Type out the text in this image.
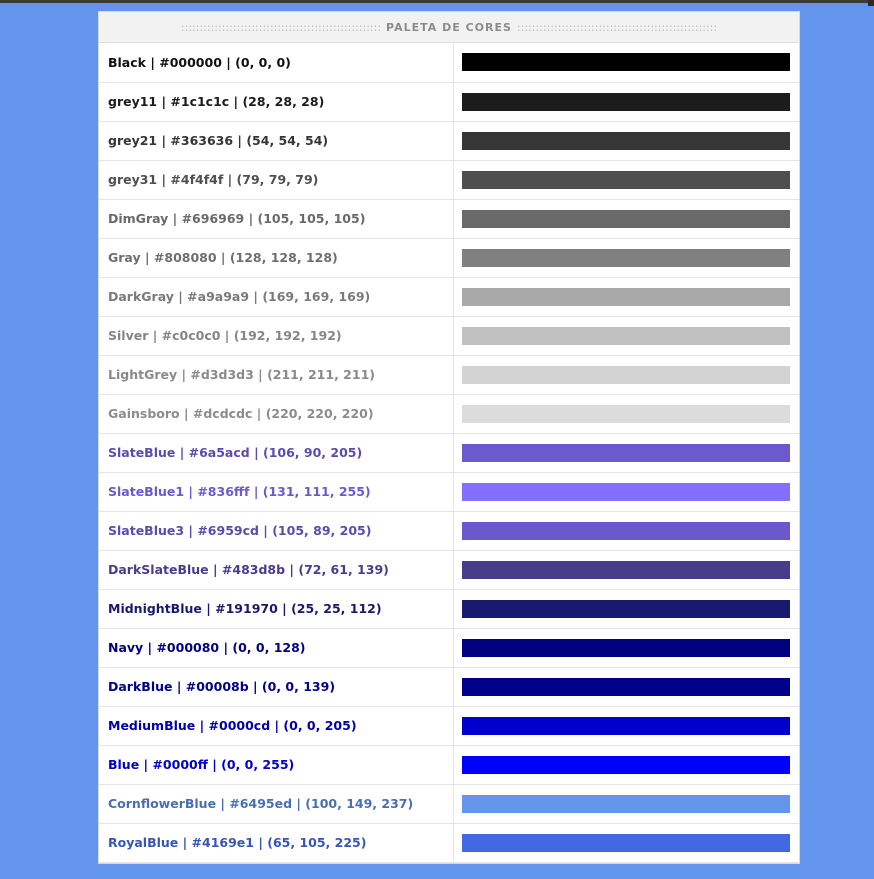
:::::::::::::::::::::::::::::::::::::::::::::::::::::: PALETA DE CORES ::::::::::::::::::::::::::::::::::::::::::::::::::::::
Black | #000000 | (0, 0, 0)	

grey11 | #1c1c1c | (28, 28, 28)	

grey21 | #363636 | (54, 54, 54)	

grey31 | #4f4f4f | (79, 79, 79)	

DimGray | #696969 | (105, 105, 105)	

Gray | #808080 | (128, 128, 128)	

DarkGray | #a9a9a9 | (169, 169, 169)	

Silver | #c0c0c0 | (192, 192, 192)	

LightGrey | #d3d3d3 | (211, 211, 211)	

Gainsboro | #dcdcdc | (220, 220, 220)	

SlateBlue | #6a5acd | (106, 90, 205)	

SlateBlue1 | #836fff | (131, 111, 255)	

SlateBlue3 | #6959cd | (105, 89, 205)	

DarkSlateBlue | #483d8b | (72, 61, 139)	

MidnightBlue | #191970 | (25, 25, 112)	

Navy | #000080 | (0, 0, 128)	

DarkBlue | #00008b | (0, 0, 139)	

MediumBlue | #0000cd | (0, 0, 205)	

Blue | #0000ff | (0, 0, 255)	

CornflowerBlue | #6495ed | (100, 149, 237)	

RoyalBlue | #4169e1 | (65, 105, 225)	
